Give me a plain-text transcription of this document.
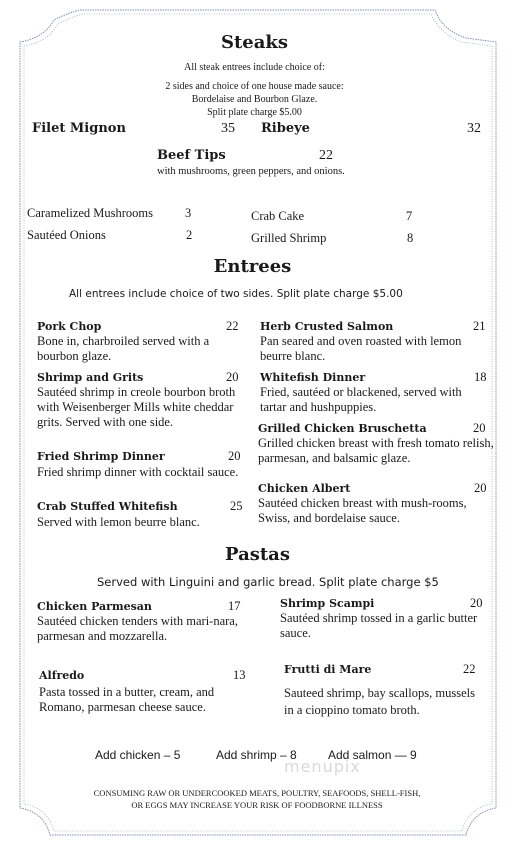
Steaks
All steak entrees include choice of:
2 sides and choice of one house made sauce:
Bordelaise and Bourbon Glaze.
Split plate charge $5.00
Filet Mignon	35 Ribeye	32
Beef Tips	22
with mushrooms, green peppers, and onions.
Caramelized Mushrooms	3
Sautéed Onions	2
Crab Cake	7
Grilled Shrimp	8
Entrees
All entrees include choice of two sides. Split plate charge $5.00
Pork Chop	22
Bone in, charbroiled served with a bourbon glaze.
Shrimp and Grits	20
Sautéed shrimp in creole bourbon broth with Weisenberger Mills white cheddar grits. Served with one side.
Fried Shrimp Dinner	20
Fried shrimp dinner with cocktail sauce.
Crab Stuffed Whitefish	25
Served with lemon beurre blanc.
Herb Crusted Salmon	21
Pan seared and oven roasted with lemon beurre blanc.
Whitefish Dinner	18
Fried, sautéed or blackened, served with tartar and hushpuppies.
Grilled Chicken Bruschetta	20
Grilled chicken breast with fresh tomato relish, parmesan, and balsamic glaze.
Chicken Albert	20
Sautéed chicken breast with mush-rooms, Swiss, and bordelaise sauce.
Pastas
Served with Linguini and garlic bread. Split plate charge $5
Chicken Parmesan	17
Sautéed chicken tenders with mari-nara, parmesan and mozzarella.
Alfredo	13
Pasta tossed in a butter, cream, and Romano, parmesan cheese sauce.
Shrimp Scampi	20
Sautéed shrimp tossed in a garlic butter sauce.
Frutti di Mare	22
Sauteed shrimp, bay scallops, mussels in a cioppino tomato broth.
Add chicken – 5	Add shrimp – 8	Add salmon — 9
menupix
CONSUMING RAW OR UNDERCOOKED MEATS, POULTRY, SEAFOODS, SHELL-FISH, OR EGGS MAY INCREASE YOUR RISK OF FOODBORNE ILLNESS
